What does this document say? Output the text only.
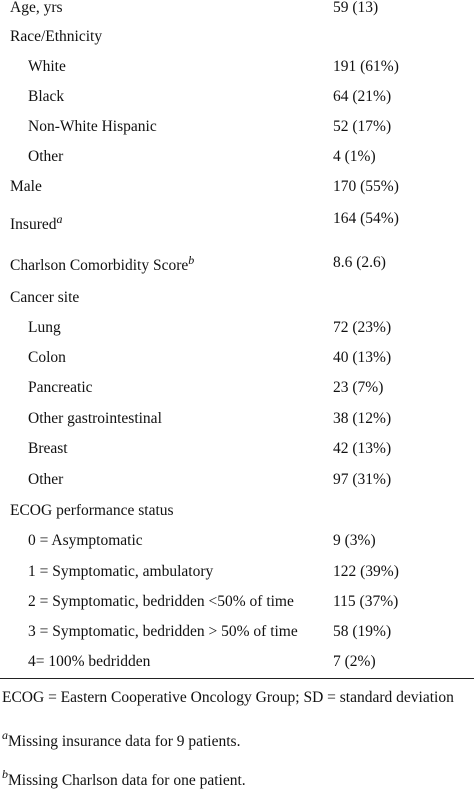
Age, yrs	59 (13)
Race/Ethnicity
White	191 (61%)
Black	64 (21%)
Non-White Hispanic	52 (17%)
Other	4 (1%)
Male	170 (55%)
Insured$^a$	164 (54%)
Charlson Comorbidity Score$^b$	8.6 (2.6)
Cancer site
Lung	72 (23%)
Colon	40 (13%)
Pancreatic	23 (7%)
Other gastrointestinal	38 (12%)
Breast	42 (13%)
Other	97 (31%)
ECOG performance status
0 = Asymptomatic	9 (3%)
1 = Symptomatic, ambulatory	122 (39%)
2 = Symptomatic, bedridden <50% of time	115 (37%)
3 = Symptomatic, bedridden > 50% of time 58 (19%)
4= 100% bedridden	7 (2%)
ECOG = Eastern Cooperative Oncology Group; SD = standard deviation
$^a$Missing insurance data for 9 patients.
$^b$Missing Charlson data for one patient.
